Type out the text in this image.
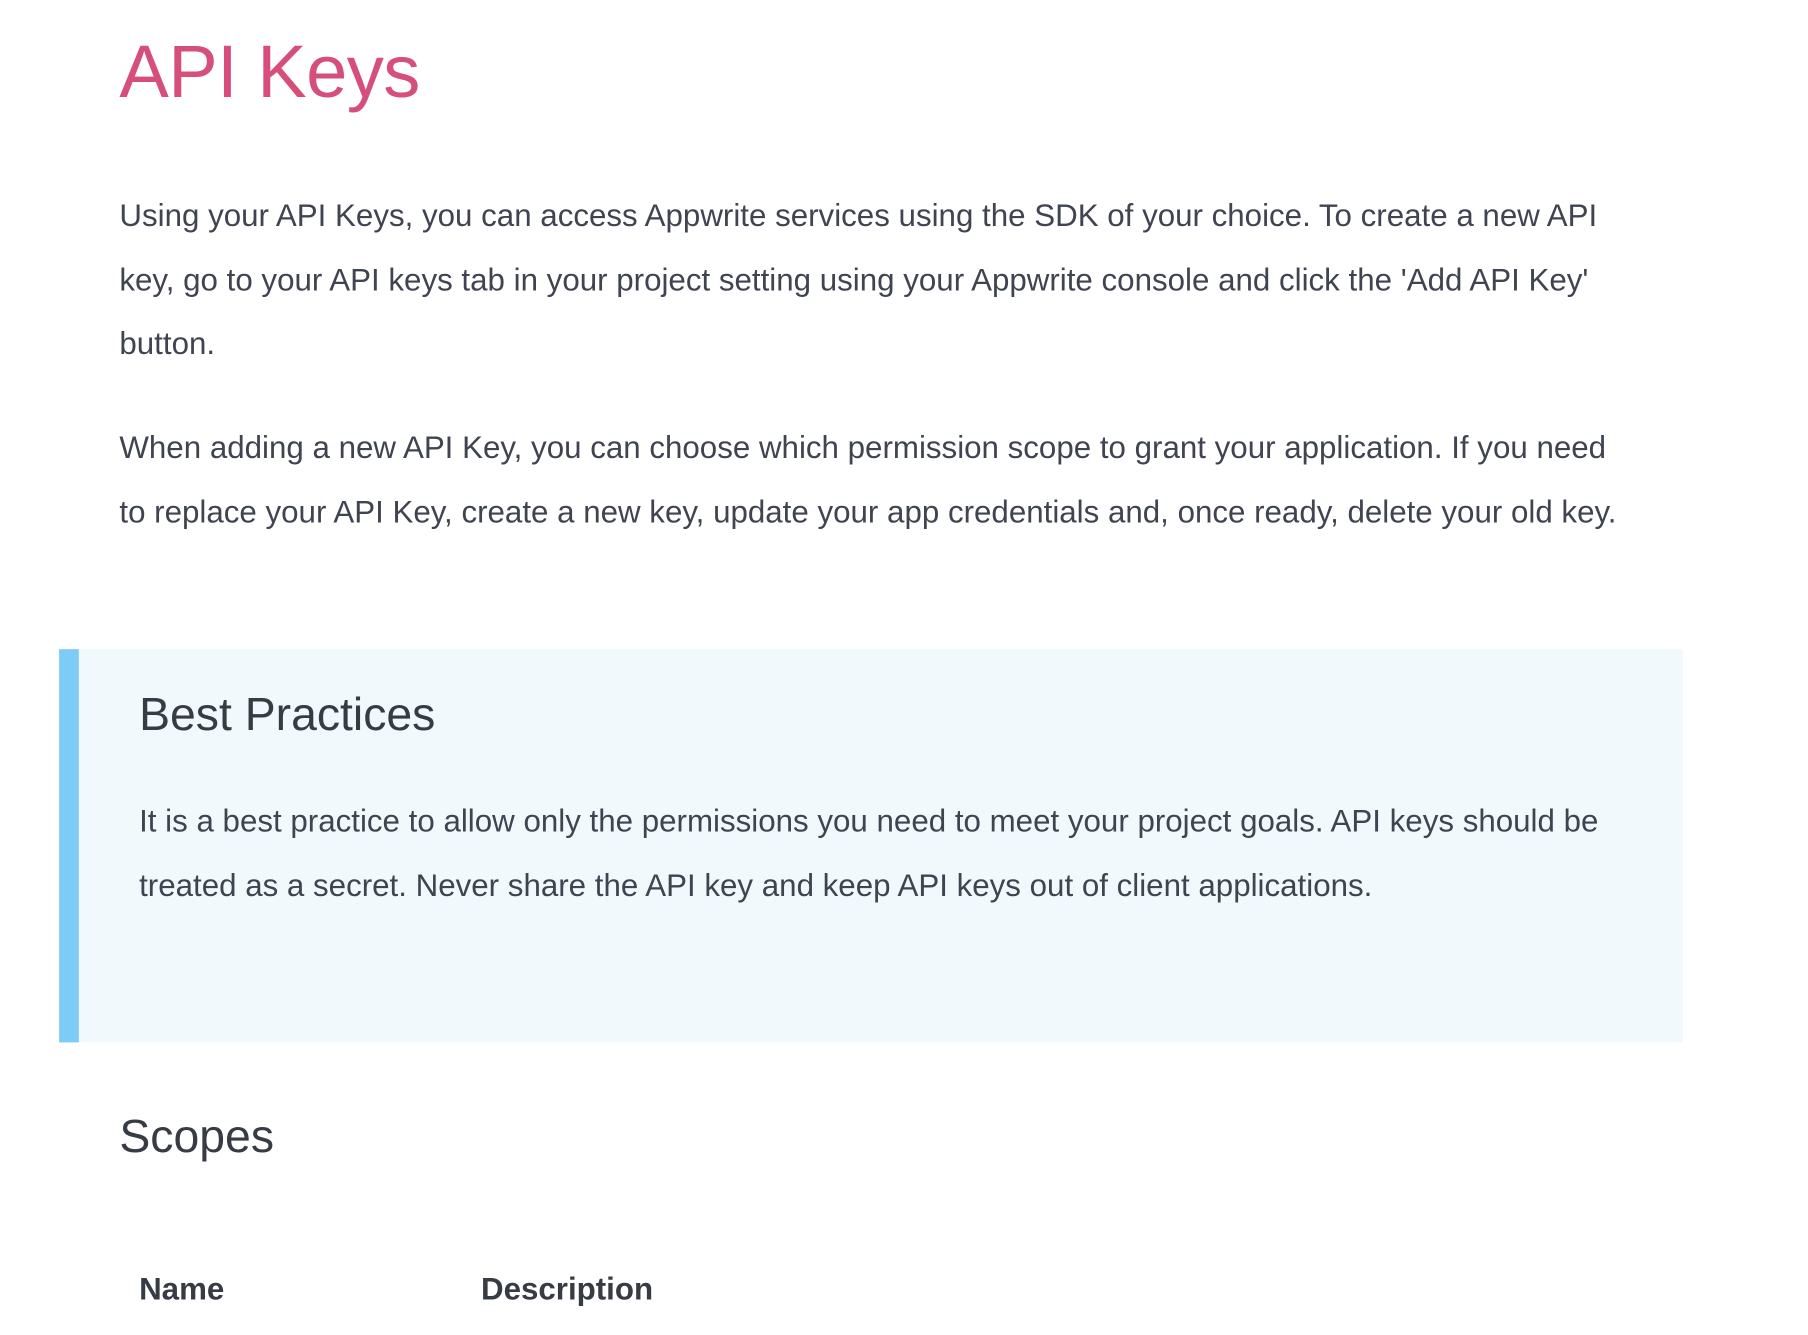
API Keys

Using your API Keys, you can access Appwrite services using the SDK of your choice. To create a new API key, go to your API keys tab in your project setting using your Appwrite console and click the 'Add API Key' button.

When adding a new API Key, you can choose which permission scope to grant your application. If you need to replace your API Key, create a new key, update your app credentials and, once ready, delete your old key.

Best Practices

It is a best practice to allow only the permissions you need to meet your project goals. API keys should be treated as a secret. Never share the API key and keep API keys out of client applications.

Scopes
Name	Description
